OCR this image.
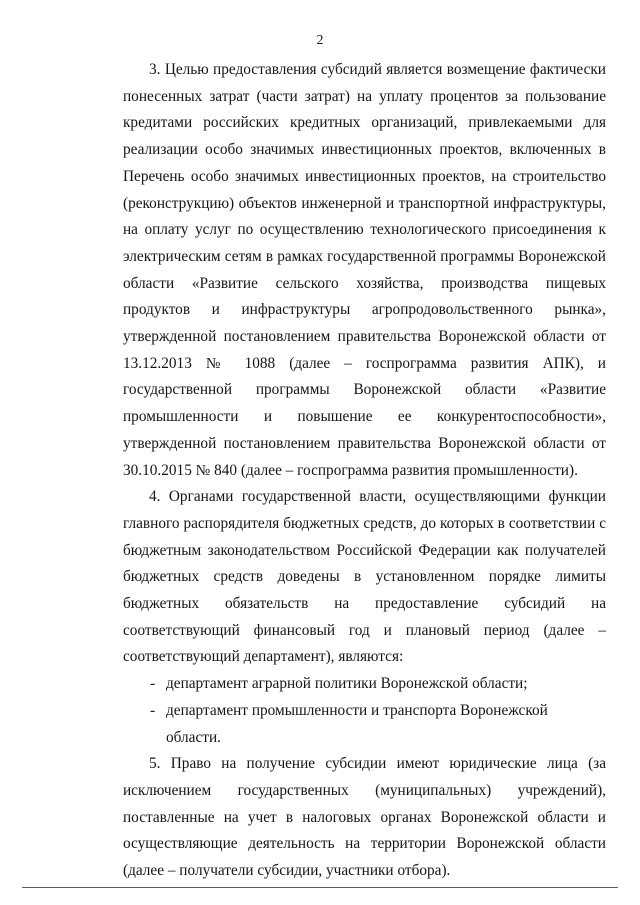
2

3. Целью предоставления субсидий является возмещение фактически понесенных затрат (части затрат) на уплату процентов за пользование кредитами российских кредитных организаций, привлекаемыми для реализации особо значимых инвестиционных проектов, включенных в Перечень особо значимых инвестиционных проектов, на строительство (реконструкцию) объектов инженерной и транспортной инфраструктуры, на оплату услуг по осуществлению технологического присоединения к электрическим сетям в рамках государственной программы Воронежской области «Развитие сельского хозяйства, производства пищевых продуктов и инфраструктуры агропродовольственного рынка», утвержденной постановлением правительства Воронежской области от 13.12.2013 № 1088 (далее – госпрограмма развития АПК), и государственной программы Воронежской области «Развитие промышленности и повышение ее конкурентоспособности», утвержденной постановлением правительства Воронежской области от 30.10.2015 № 840 (далее – госпрограмма развития промышленности).

4. Органами государственной власти, осуществляющими функции главного распорядителя бюджетных средств, до которых в соответствии с бюджетным законодательством Российской Федерации как получателей бюджетных средств доведены в установленном порядке лимиты бюджетных обязательств на предоставление субсидий на соответствующий финансовый год и плановый период (далее – соответствующий департамент), являются:

- департамент аграрной политики Воронежской области;
- департамент промышленности и транспорта Воронежской области.

5. Право на получение субсидии имеют юридические лица (за исключением государственных (муниципальных) учреждений), поставленные на учет в налоговых органах Воронежской области и осуществляющие деятельность на территории Воронежской области (далее – получатели субсидии, участники отбора).
